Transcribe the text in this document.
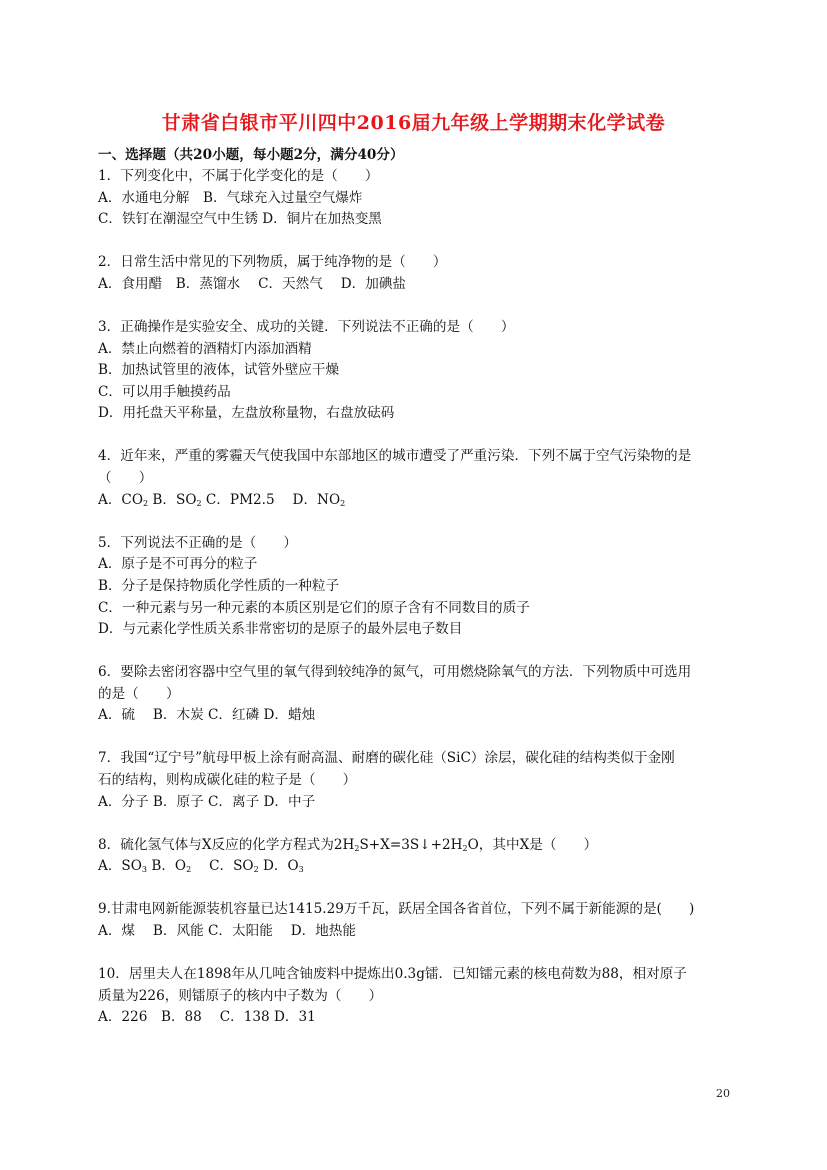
甘肃省白银市平川四中2016届九年级上学期期末化学试卷
一、选择题（共20小题，每小题2分，满分40分）
1．下列变化中，不属于化学变化的是（　　）
A．水通电分解　B．气球充入过量空气爆炸
C．铁钉在潮湿空气中生锈 D．铜片在加热变黑
2．日常生活中常见的下列物质，属于纯净物的是（　　）
A．食用醋　B．蒸馏水　 C．天然气　 D．加碘盐
3．正确操作是实验安全、成功的关键．下列说法不正确的是（　　）
A．禁止向燃着的酒精灯内添加酒精
B．加热试管里的液体，试管外壁应干燥
C．可以用手触摸药品
D．用托盘天平称量，左盘放称量物，右盘放砝码
4．近年来，严重的雾霾天气使我国中东部地区的城市遭受了严重污染．下列不属于空气污染物的是
（　　）
A．$CO_2$ B．$SO_2$ C．PM2.5　 D．$NO_2$
5．下列说法不正确的是（　　）
A．原子是不可再分的粒子
B．分子是保持物质化学性质的一种粒子
C．一种元素与另一种元素的本质区别是它们的原子含有不同数目的质子
D．与元素化学性质关系非常密切的是原子的最外层电子数目
6．要除去密闭容器中空气里的氧气得到较纯净的氮气，可用燃烧除氧气的方法．下列物质中可选用
的是（　　）
A．硫　 B．木炭 C．红磷 D．蜡烛
7．我国“辽宁号”航母甲板上涂有耐高温、耐磨的碳化硅（SiC）涂层，碳化硅的结构类似于金刚
石的结构，则构成碳化硅的粒子是（　　）
A．分子 B．原子 C．离子 D．中子
8．硫化氢气体与X反应的化学方程式为$2H_2S+X=3S↓+2H_2O$，其中X是（　　 ）
A．$SO_3$ B．$O_2$　 C．$SO_2$ D．$O_3$
9.甘肃电网新能源装机容量已达1415.29万千瓦，跃居全国各省首位，下列不属于新能源的是(　　)
A．煤　 B．风能 C．太阳能　 D．地热能
10．居里夫人在1898年从几吨含铀废料中提炼出0.3g镭．已知镭元素的核电荷数为88，相对原子
质量为226，则镭原子的核内中子数为（　　）
A．226　B．88　 C．138 D．31
20
